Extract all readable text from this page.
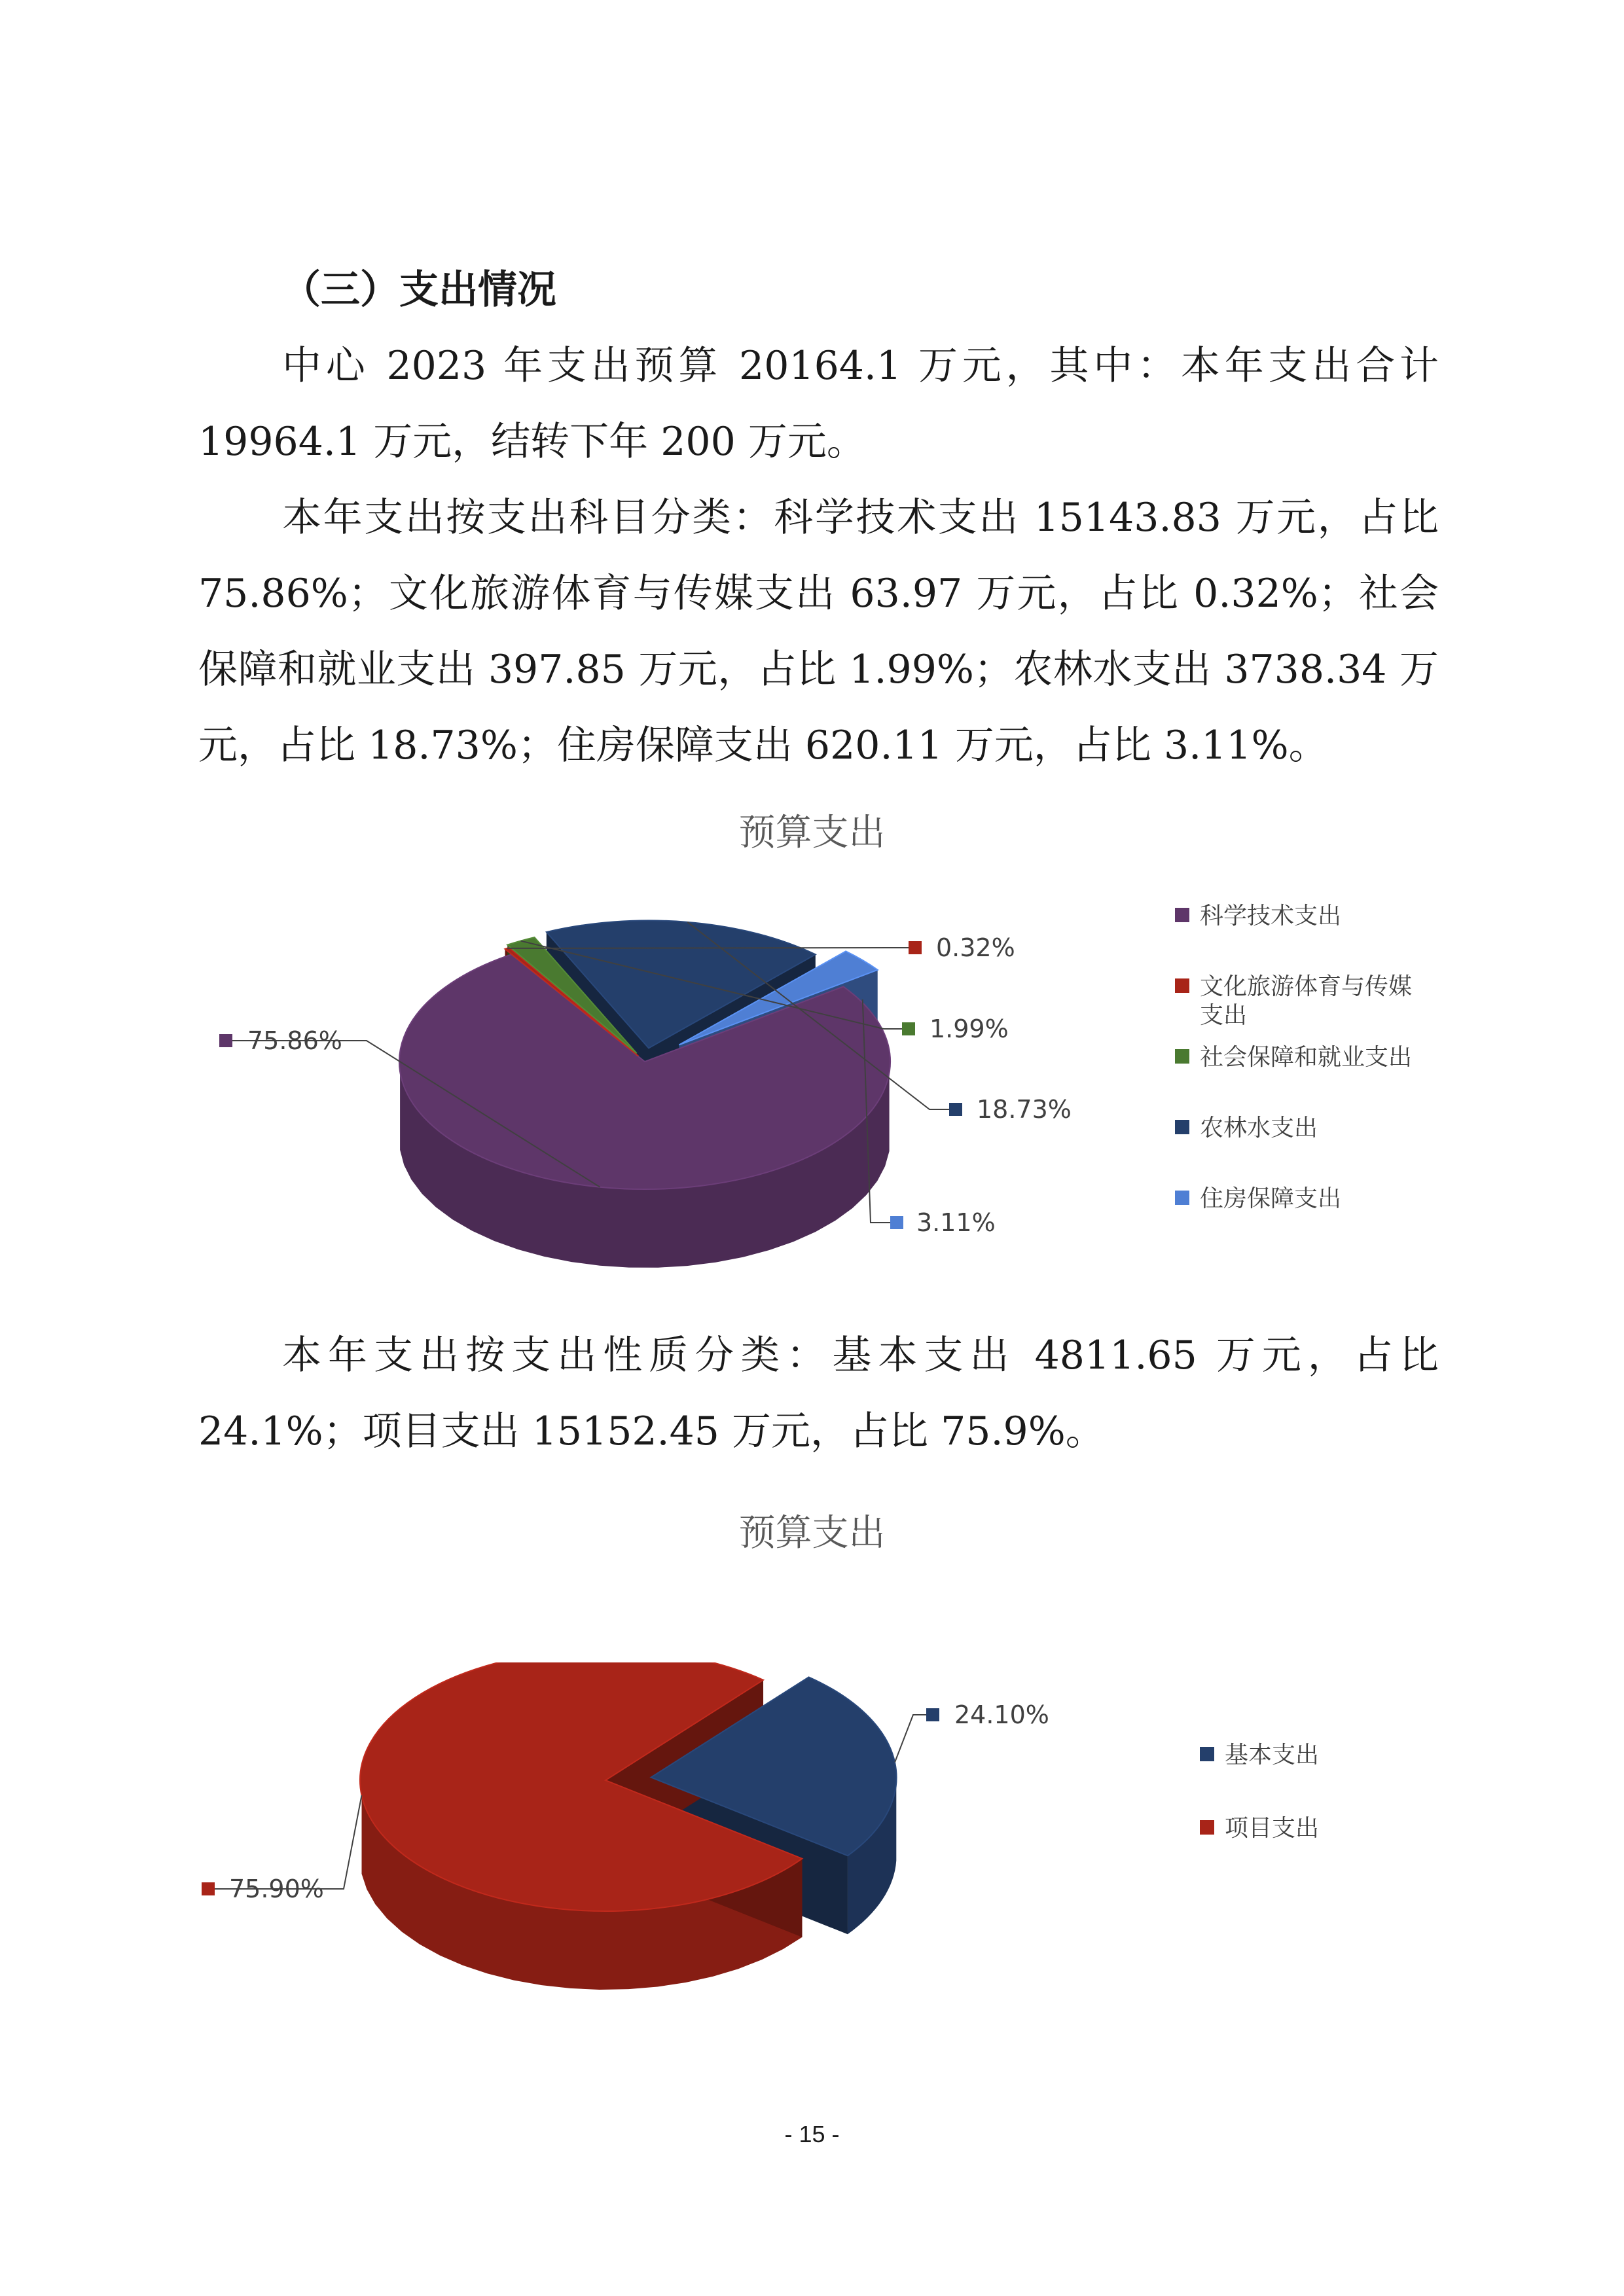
（三）支出情况

中心 2023 年支出预算 20164.1 万元，其中：本年支出合计 19964.1 万元，结转下年 200 万元。

本年支出按支出科目分类：科学技术支出 15143.83 万元，占比 75.86%；文化旅游体育与传媒支出 63.97 万元，占比 0.32%；社会保障和就业支出 397.85 万元，占比 1.99%；农林水支出 3738.34 万元，占比 18.73%；住房保障支出 620.11 万元，占比 3.11%。

预算支出
75.86%
0.32%
1.99%
18.73%
3.11%
科学技术支出
文化旅游体育与传媒支出
社会保障和就业支出
农林水支出
住房保障支出

本年支出按支出性质分类：基本支出 4811.65 万元，占比 24.1%；项目支出 15152.45 万元，占比 75.9%。

预算支出
24.10%
75.90%
基本支出
项目支出
- 15 -
